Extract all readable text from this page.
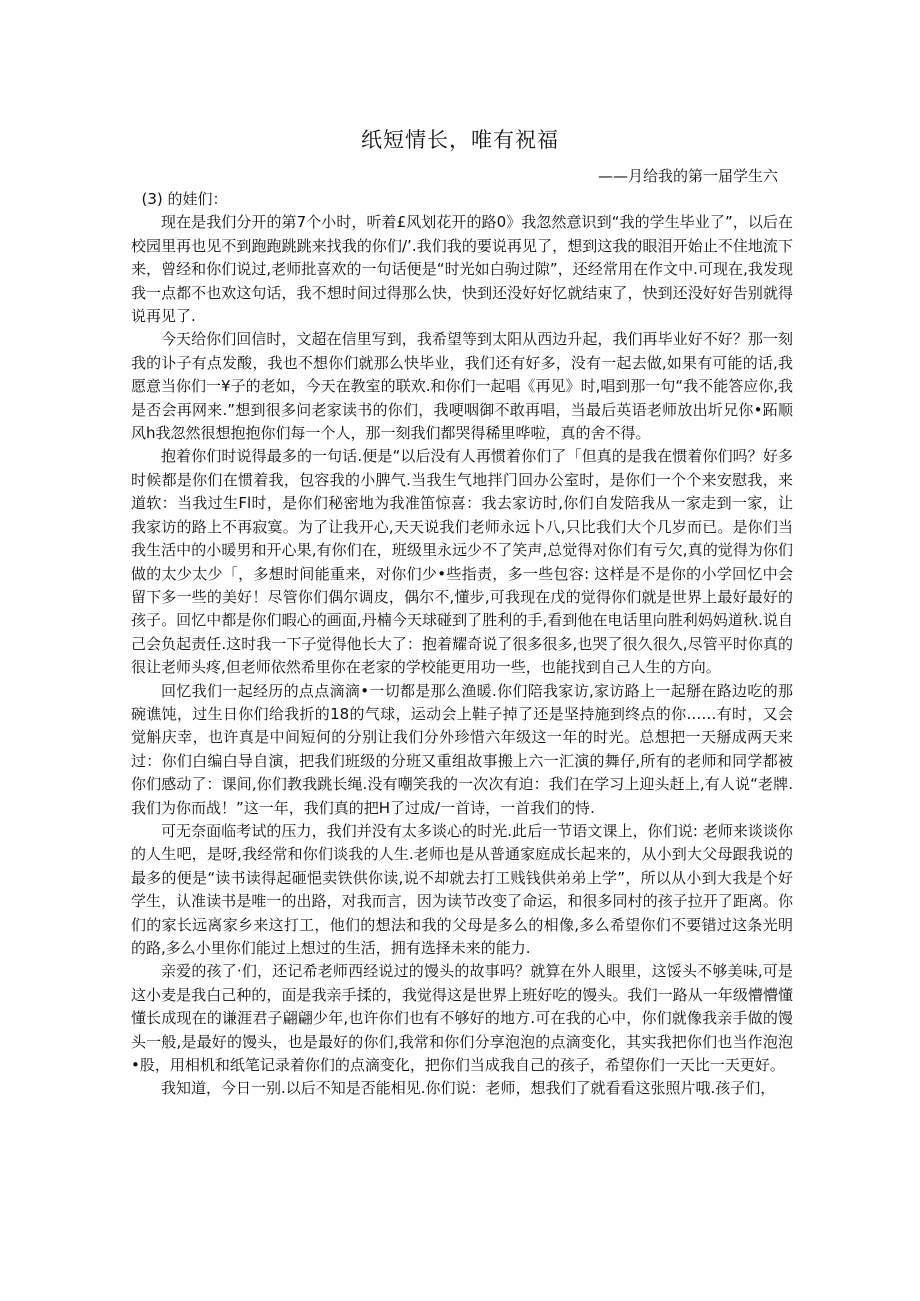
纸短情长，唯有祝福
——月给我的第一届学生六

(3) 的娃们：

现在是我们分开的第7个小时，听着£风划花开的路0》我忽然意识到“我的学生毕业了”，以后在校园里再也见不到跑跑跳跳来找我的你们/’.我们我的要说再见了，想到这我的眼泪开始止不住地流下来，曾经和你们说过,老师批喜欢的一句话便是“时光如白驹过隙”，还经常用在作文中.可现在,我发现我一点都不也欢这句话，我不想时间过得那么快，快到还没好好忆就结束了，快到还没好好告别就得说再见了.

今天给你们回信时，文超在信里写到，我希望等到太阳从西边升起，我们再毕业好不好？那一刻我的讣子有点发酸，我也不想你们就那么快毕业，我们还有好多，没有一起去做,如果有可能的话,我愿意当你们一¥子的老如，今天在教室的联欢.和你们一起唱《再见》时,唱到那一句“我不能答应你,我是否会再网来.”想到很多问老家读书的你们，我哽咽御不敢再唱，当最后英语老师放出圻兄你•跖顺风h我忽然很想抱抱你们每一个人，那一刻我们都哭得稀里哗啦，真的舍不得。

抱着你们时说得最多的一句话.便是“以后没有人再惯着你们了「但真的是我在惯着你们吗？好多时候都是你们在惯着我，包容我的小脾气.当我生气地拌门回办公室时，是你们一个个来安慰我，来道软：当我过生Fl时，是你们秘密地为我准笛惊喜：我去家访时,你们自发陪我从一家走到一家，让我家访的路上不再寂寞。为了让我开心,天天说我们老师永远卜八,只比我们大个几岁而已。是你们当我生活中的小暖男和开心果,有你们在，班级里永远少不了笑声,总觉得对你们有亏欠,真的觉得为你们做的太少太少「，多想时间能重来，对你们少•些指责，多一些包容: 这样是不是你的小学回忆中会留下多一些的美好！尽管你们偶尔调皮，偶尔不,懂步,可我现在戊的觉得你们就是世界上最好最好的孩子。回忆中都是你们暇心的画面,丹楠今天球碰到了胜利的手,看到他在电话里向胜利妈妈道秋.说自己会负起责任.这时我一下子觉得他长大了：抱着耀奇说了很多很多,也哭了很久很久,尽管平时你真的很让老师头疼,但老师依然希里你在老家的学校能更用功一些，也能找到自己人生的方向。

回忆我们一起经历的点点滴滴•一切都是那么渔暖.你们陪我家访,家访路上一起掰在路边吃的那碗谯饨，过生日你们给我折的18的气球，运动会上鞋子掉了还是坚持施到终点的你……有时，又会觉斛庆幸，也许真是中间短何的分别让我们分外珍惜六年级这一年的时光。总想把一天掰成两天来过：你们白编白导自演，把我们班级的分班又重组故事搬上六一汇演的舞仔,所有的老师和同学都被你们感动了：课间,你们教我跳长绳.没有嘲笑我的一次次有迫：我们在学习上迎头赶上,有人说“老牌.我们为你而战！”这一年，我们真的把H了过成/一首诗，一首我们的恃.

可无奈面临考试的压力，我们并没有太多谈心的时光.此后一节语文课上，你们说: 老师来谈谈你的人生吧，是呀,我经常和你们谈我的人生.老师也是从普通家庭成长起来的，从小到大父母跟我说的最多的便是“读书读得起砸悒卖铁供你读,说不却就去打工贱钱供弟弟上学”，所以从小到大我是个好学生，认准读书是唯一的出路，对我而言，因为读节改变了命运，和很多同村的孩子拉开了距离。你们的家长远离家乡来这打工，他们的想法和我的父母是多么的相像,多么希望你们不要错过这条光明的路,多么小里你们能过上想过的生活，拥有选择未来的能力.

亲爱的孩了·们，还记希老师西经说过的馒头的故事吗？就算在外人眼里，这馁头不够美味,可是这小麦是我白己种的，面是我亲手揉的，我觉得这是世界上班好吃的馒头。我们一路从一年级懵懵懂懂长成现在的谦涯君子翩翩少年,也许你们也有不够好的地方.可在我的心中，你们就像我亲手做的馒头一般,是最好的馒头，也是最好的你们,我常和你们分享泡泡的点滴变化，其实我把你们也当作泡泡•股，用相机和纸笔记录着你们的点滴变化，把你们当成我自己的孩子，希望你们一天比一天更好。

我知道，今日一别.以后不知是否能相见.你们说：老师，想我们了就看看这张照片哦.孩子们，
